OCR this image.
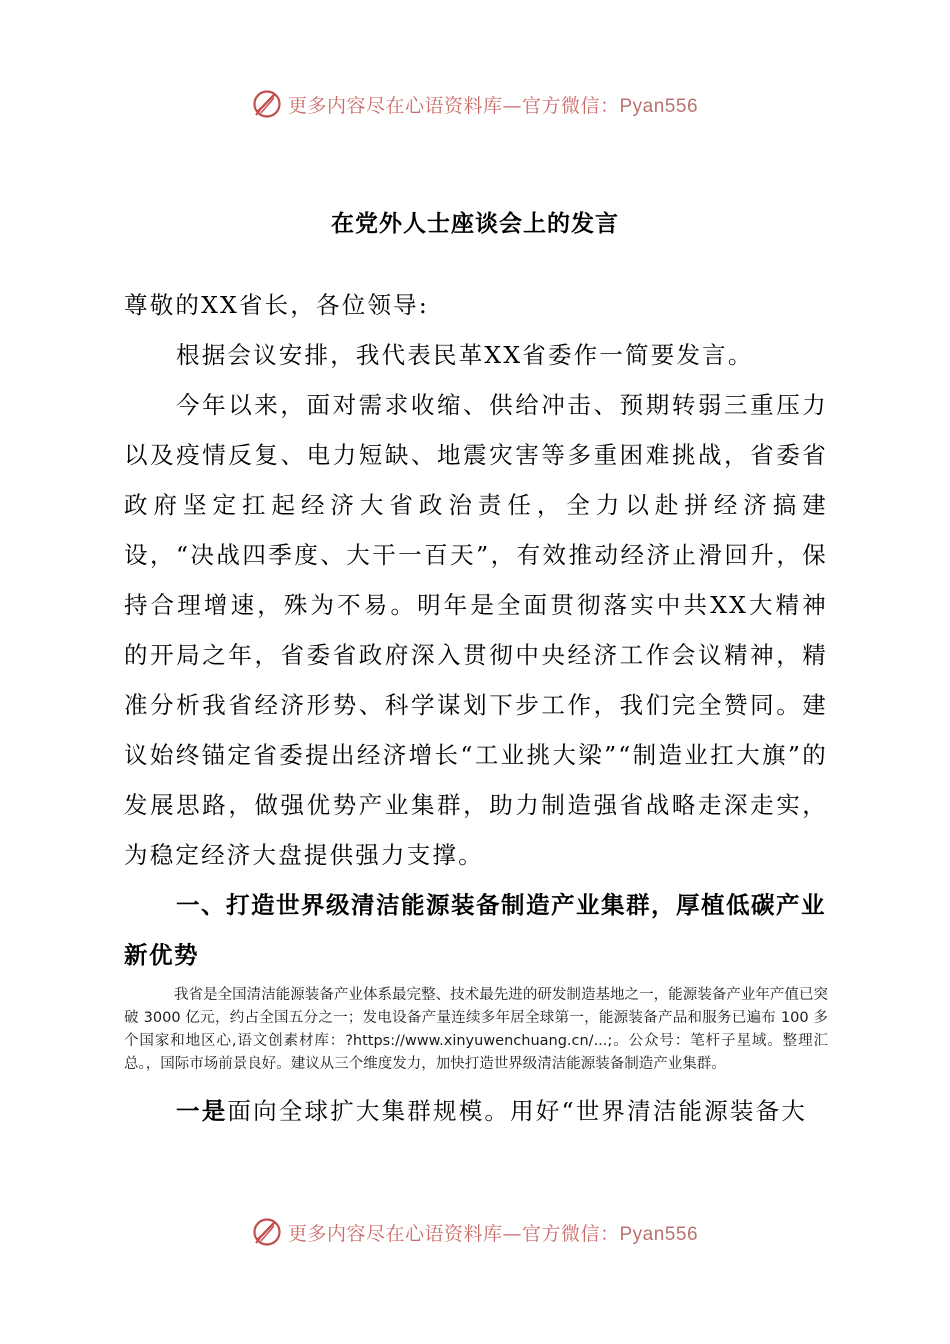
更多内容尽在心语资料库—官方微信：Pyan556
在党外人士座谈会上的发言

尊敬的XX省长，各位领导:

根据会议安排，我代表民革XX省委作一简要发言。

今年以来，面对需求收缩、供给冲击、预期转弱三重压力以及疫情反复、电力短缺、地震灾害等多重困难挑战，省委省政府坚定扛起经济大省政治责任，全力以赴拼经济搞建设，“决战四季度、大干一百天”，有效推动经济止滑回升，保持合理增速，殊为不易。明年是全面贯彻落实中共XX大精神的开局之年，省委省政府深入贯彻中央经济工作会议精神，精准分析我省经济形势、科学谋划下步工作，我们完全赞同。建议始终锚定省委提出经济增长“工业挑大梁”“制造业扛大旗”的发展思路，做强优势产业集群，助力制造强省战略走深走实，为稳定经济大盘提供强力支撑。

一、打造世界级清洁能源装备制造产业集群，厚植低碳产业新优势

我省是全国清洁能源装备产业体系最完整、技术最先进的研发制造基地之一，能源装备产业年产值已突破 3000 亿元，约占全国五分之一；发电设备产量连续多年居全球第一，能源装备产品和服务已遍布 100 多个国家和地区心,语文创素材库：?https://www.xinyuwenchuang.cn/...;。公众号：笔杆子星域。整理汇总。，国际市场前景良好。建议从三个维度发力，加快打造世界级清洁能源装备制造产业集群。

一是面向全球扩大集群规模。用好“世界清洁能源装备大

更多内容尽在心语资料库—官方微信：Pyan556
